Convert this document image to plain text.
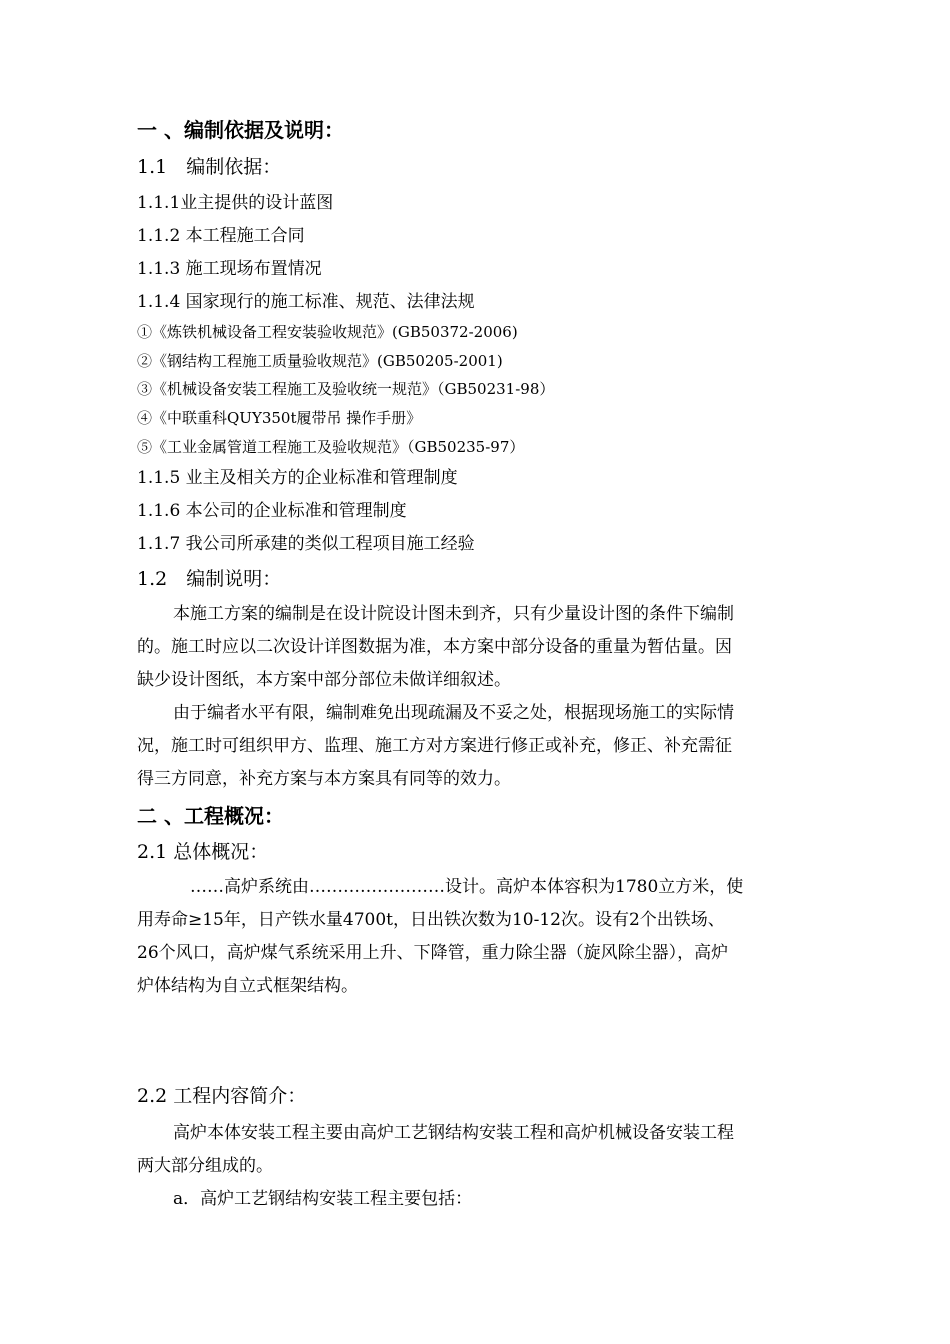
一 、编制依据及说明：
1.1　编制依据：
1.1.1业主提供的设计蓝图
1.1.2 本工程施工合同
1.1.3 施工现场布置情况
1.1.4 国家现行的施工标准、规范、法律法规
①《炼铁机械设备工程安装验收规范》(GB50372-2006)
②《钢结构工程施工质量验收规范》(GB50205-2001)
③《机械设备安装工程施工及验收统一规范》（GB50231-98）
④《中联重科QUY350t履带吊 操作手册》
⑤《工业金属管道工程施工及验收规范》（GB50235-97）
1.1.5 业主及相关方的企业标准和管理制度
1.1.6 本公司的企业标准和管理制度
1.1.7 我公司所承建的类似工程项目施工经验
1.2　编制说明：
本施工方案的编制是在设计院设计图未到齐，只有少量设计图的条件下编制
的。施工时应以二次设计详图数据为准，本方案中部分设备的重量为暂估量。因
缺少设计图纸，本方案中部分部位未做详细叙述。
由于编者水平有限，编制难免出现疏漏及不妥之处，根据现场施工的实际情
况，施工时可组织甲方、监理、施工方对方案进行修正或补充，修正、补充需征
得三方同意，补充方案与本方案具有同等的效力。
二 、工程概况：
2.1 总体概况：
……高炉系统由……………………设计。高炉本体容积为1780立方米，使
用寿命≥15年，日产铁水量4700t，日出铁次数为10-12次。设有2个出铁场、
26个风口，高炉煤气系统采用上升、下降管，重力除尘器（旋风除尘器），高炉
炉体结构为自立式框架结构。
2.2 工程内容简介：
高炉本体安装工程主要由高炉工艺钢结构安装工程和高炉机械设备安装工程
两大部分组成的。
a．高炉工艺钢结构安装工程主要包括：
